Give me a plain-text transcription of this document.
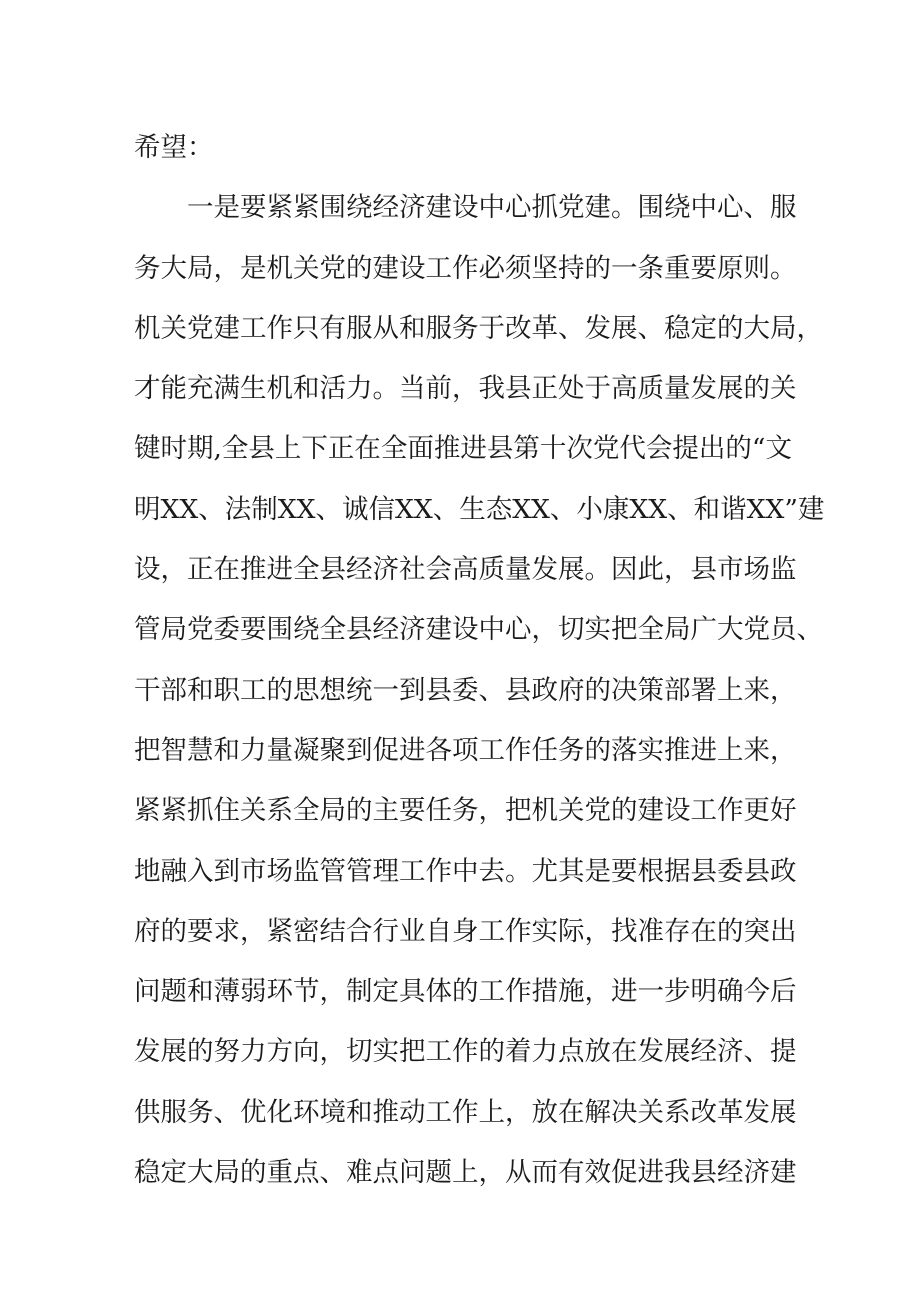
希望：
　　一是要紧紧围绕经济建设中心抓党建。围绕中心、服
务大局，是机关党的建设工作必须坚持的一条重要原则。
机关党建工作只有服从和服务于改革、发展、稳定的大局，
才能充满生机和活力。当前，我县正处于高质量发展的关
键时期,全县上下正在全面推进县第十次党代会提出的“文
明XX、法制XX、诚信XX、生态XX、小康XX、和谐XX”建
设，正在推进全县经济社会高质量发展。因此，县市场监
管局党委要围绕全县经济建设中心，切实把全局广大党员、
干部和职工的思想统一到县委、县政府的决策部署上来，
把智慧和力量凝聚到促进各项工作任务的落实推进上来，
紧紧抓住关系全局的主要任务，把机关党的建设工作更好
地融入到市场监管管理工作中去。尤其是要根据县委县政
府的要求，紧密结合行业自身工作实际，找准存在的突出
问题和薄弱环节，制定具体的工作措施，进一步明确今后
发展的努力方向，切实把工作的着力点放在发展经济、提
供服务、优化环境和推动工作上，放在解决关系改革发展
稳定大局的重点、难点问题上，从而有效促进我县经济建
